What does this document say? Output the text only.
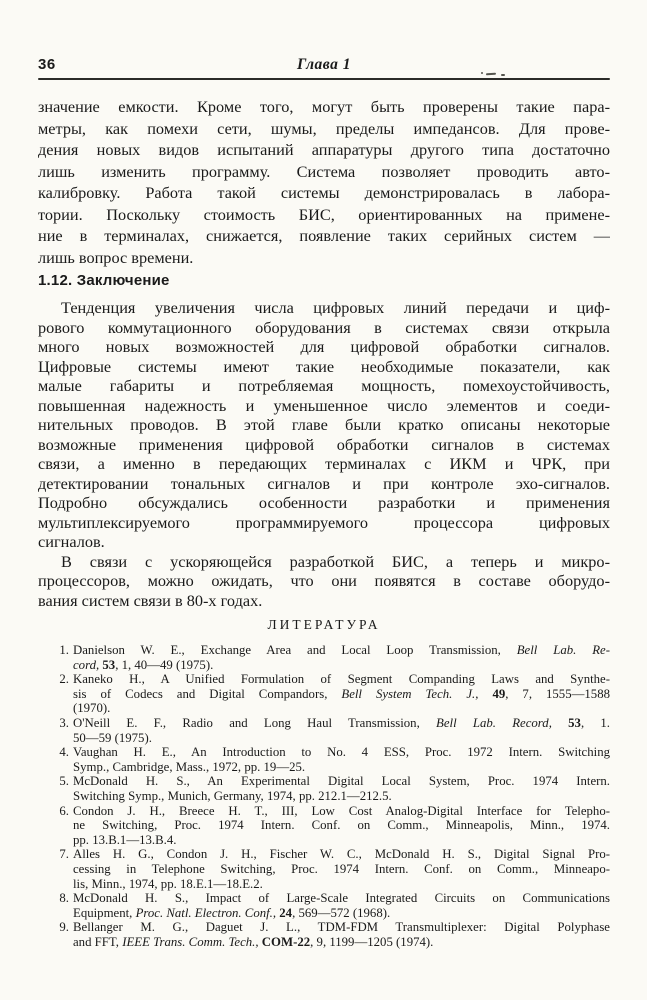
36	Глава 1
значение емкости. Кроме того, могут быть проверены такие пара-
метры, как помехи сети, шумы, пределы импедансов. Для прове-
дения новых видов испытаний аппаратуры другого типа достаточно
лишь изменить программу. Система позволяет проводить авто-
калибровку. Работа такой системы демонстрировалась в лабора-
тории. Поскольку стоимость БИС, ориентированных на примене-
ние в терминалах, снижается, появление таких серийных систем —
лишь вопрос времени.
1.12. Заключение
Тенденция увеличения числа цифровых линий передачи и циф-
рового коммутационного оборудования в системах связи открыла
много новых возможностей для цифровой обработки сигналов.
Цифровые системы имеют такие необходимые показатели, как
малые габариты и потребляемая мощность, помехоустойчивость,
повышенная надежность и уменьшенное число элементов и соеди-
нительных проводов. В этой главе были кратко описаны некоторые
возможные применения цифровой обработки сигналов в системах
связи, а именно в передающих терминалах с ИКМ и ЧРК, при
детектировании тональных сигналов и при контроле эхо-сигналов.
Подробно обсуждались особенности разработки и применения
мультиплексируемого программируемого процессора цифровых
сигналов.
В связи с ускоряющейся разработкой БИС, а теперь и микро-
процессоров, можно ожидать, что они появятся в составе оборудо-
вания систем связи в 80-х годах.
ЛИТЕРАТУРА
1. Danielson W. E., Exchange Area and Local Loop Transmission, Bell Lab. Re-
cord, 53, 1, 40—49 (1975).
2. Kaneko H., A Unified Formulation of Segment Companding Laws and Synthe-
sis of Codecs and Digital Compandors, Bell System Tech. J., 49, 7, 1555—1588
(1970).
3. O'Neill E. F., Radio and Long Haul Transmission, Bell Lab. Record, 53, 1.
50—59 (1975).
4. Vaughan H. E., An Introduction to No. 4 ESS, Proc. 1972 Intern. Switching
Symp., Cambridge, Mass., 1972, pp. 19—25.
5. McDonald H. S., An Experimental Digital Local System, Proc. 1974 Intern.
Switching Symp., Munich, Germany, 1974, pp. 212.1—212.5.
6. Condon J. H., Breece H. T., III, Low Cost Analog-Digital Interface for Telepho-
ne Switching, Proc. 1974 Intern. Conf. on Comm., Minneapolis, Minn., 1974.
pp. 13.B.1—13.B.4.
7. Alles H. G., Condon J. H., Fischer W. C., McDonald H. S., Digital Signal Pro-
cessing in Telephone Switching, Proc. 1974 Intern. Conf. on Comm., Minneapo-
lis, Minn., 1974, pp. 18.E.1—18.E.2.
8. McDonald H. S., Impact of Large-Scale Integrated Circuits on Communications
Equipment, Proc. Natl. Electron. Conf., 24, 569—572 (1968).
9. Bellanger M. G., Daguet J. L., TDM-FDM Transmultiplexer: Digital Polyphase
and FFT, IEEE Trans. Comm. Tech., COM-22, 9, 1199—1205 (1974).
